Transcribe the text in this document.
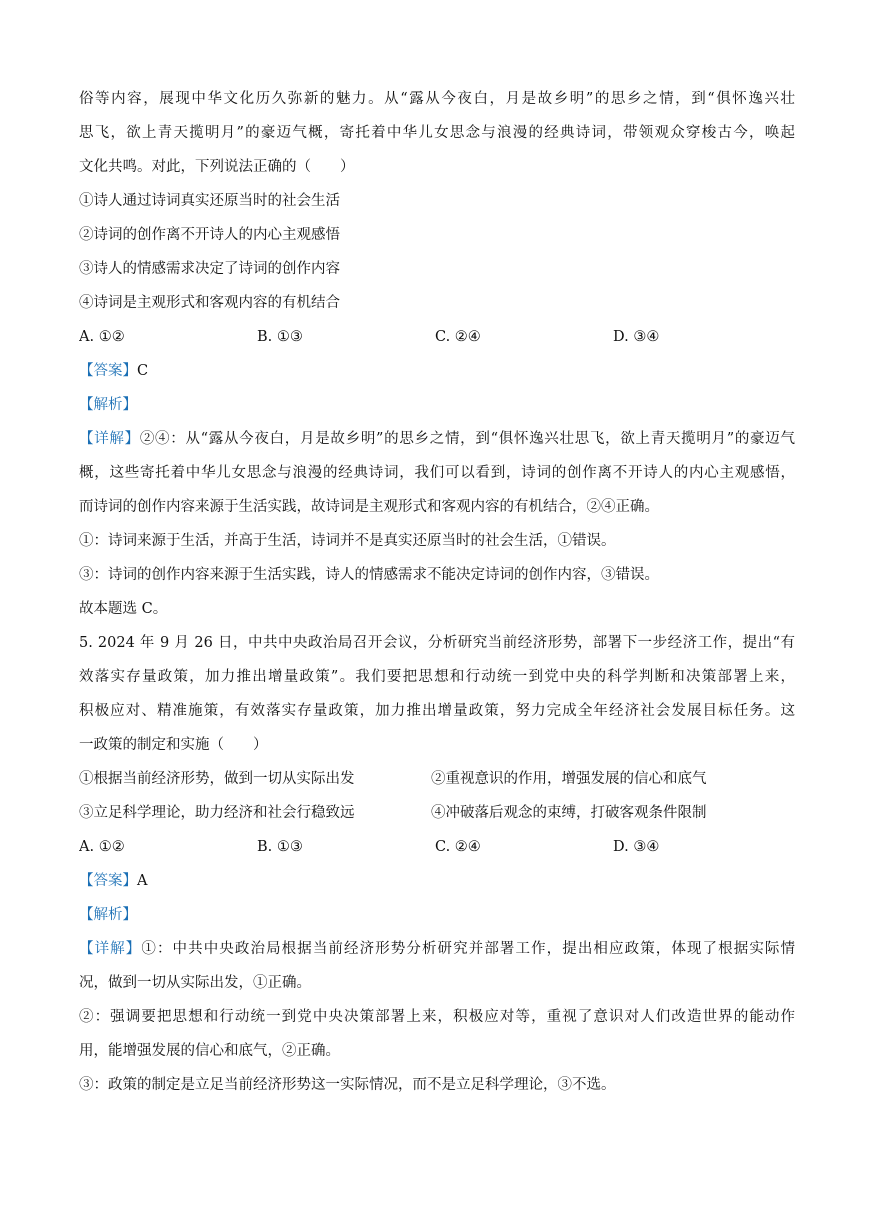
俗等内容，展现中华文化历久弥新的魅力。从“露从今夜白，月是故乡明”的思乡之情，到“俱怀逸兴壮
思飞，欲上青天揽明月”的豪迈气概，寄托着中华儿女思念与浪漫的经典诗词，带领观众穿梭古今，唤起
文化共鸣。对此，下列说法正确的（　　）
①诗人通过诗词真实还原当时的社会生活
②诗词的创作离不开诗人的内心主观感悟
③诗人的情感需求决定了诗词的创作内容
④诗词是主观形式和客观内容的有机结合
A. ①②	B. ①③	C. ②④	D. ③④
【答案】C
【解析】
【详解】②④：从“露从今夜白，月是故乡明”的思乡之情，到“俱怀逸兴壮思飞，欲上青天揽明月”的豪迈气
概，这些寄托着中华儿女思念与浪漫的经典诗词，我们可以看到，诗词的创作离不开诗人的内心主观感悟，
而诗词的创作内容来源于生活实践，故诗词是主观形式和客观内容的有机结合，②④正确。
①：诗词来源于生活，并高于生活，诗词并不是真实还原当时的社会生活，①错误。
③：诗词的创作内容来源于生活实践，诗人的情感需求不能决定诗词的创作内容，③错误。
故本题选 C。
5. 2024 年 9 月 26 日，中共中央政治局召开会议，分析研究当前经济形势，部署下一步经济工作，提出“有
效落实存量政策，加力推出增量政策”。我们要把思想和行动统一到党中央的科学判断和决策部署上来，
积极应对、精准施策，有效落实存量政策，加力推出增量政策，努力完成全年经济社会发展目标任务。这
一政策的制定和实施（　　）
①根据当前经济形势，做到一切从实际出发	②重视意识的作用，增强发展的信心和底气
③立足科学理论，助力经济和社会行稳致远	④冲破落后观念的束缚，打破客观条件限制
A. ①②	B. ①③	C. ②④	D. ③④
【答案】A
【解析】
【详解】①：中共中央政治局根据当前经济形势分析研究并部署工作，提出相应政策，体现了根据实际情
况，做到一切从实际出发，①正确。
②：强调要把思想和行动统一到党中央决策部署上来，积极应对等，重视了意识对人们改造世界的能动作
用，能增强发展的信心和底气，②正确。
③：政策的制定是立足当前经济形势这一实际情况，而不是立足科学理论，③不选。
